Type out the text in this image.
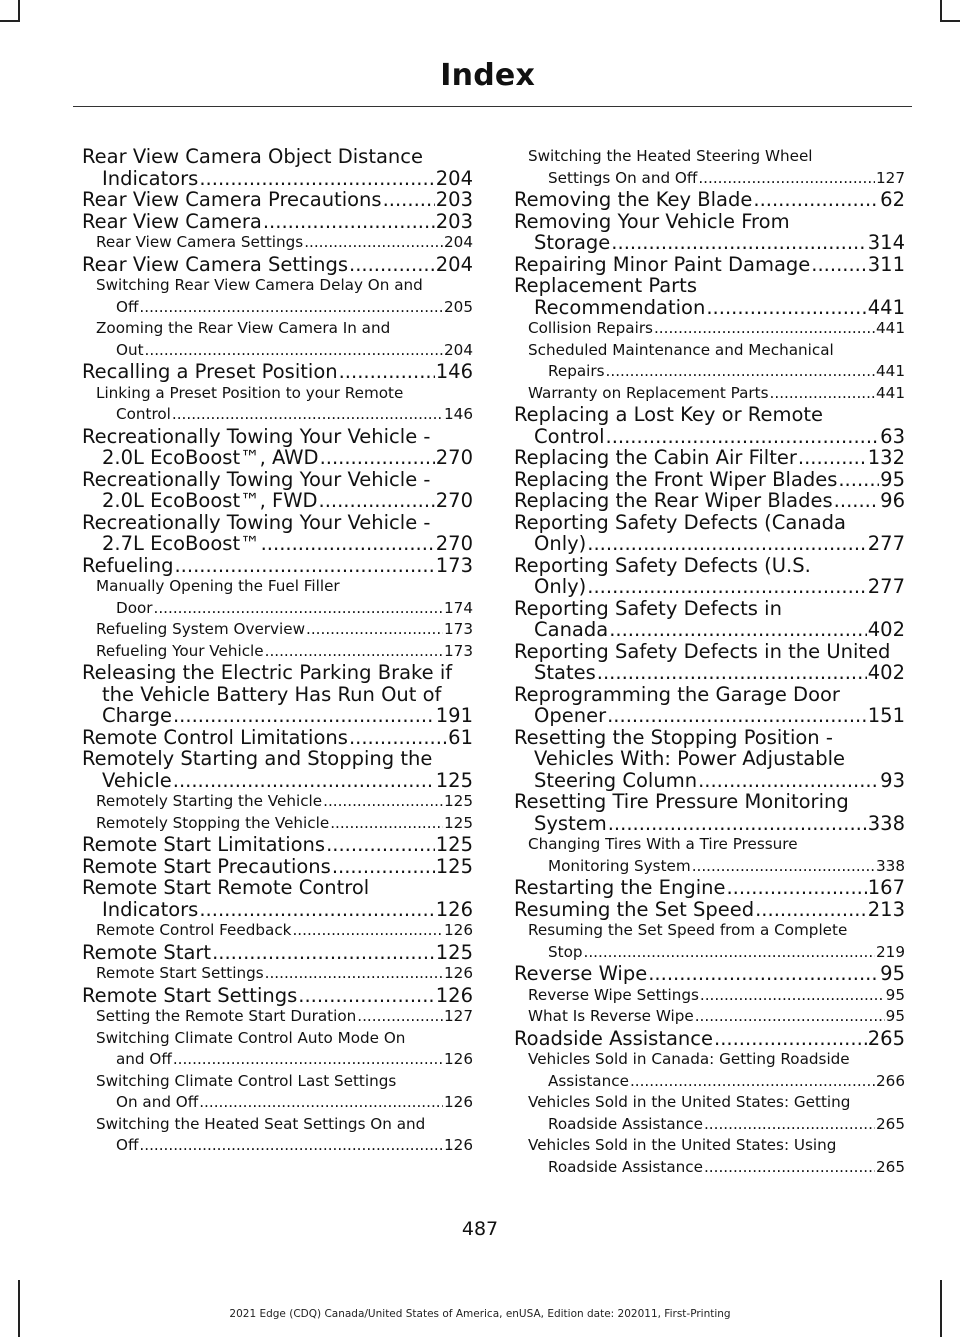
Index
Rear View Camera Object Distance
Indicators .....	204
Rear View Camera Precautions .....	203
Rear View Camera .....	203
Rear View Camera Settings .....	204
Rear View Camera Settings .....	204
Switching Rear View Camera Delay On and
Off .....	205
Zooming the Rear View Camera In and
Out .....	204
Recalling a Preset Position .....	146
Linking a Preset Position to your Remote
Control .....	146
Recreationally Towing Your Vehicle -
2.0L EcoBoost™, AWD .....	270
Recreationally Towing Your Vehicle -
2.0L EcoBoost™, FWD .....	270
Recreationally Towing Your Vehicle -
2.7L EcoBoost™ .....	270
Refueling .....	173
Manually Opening the Fuel Filler
Door .....	174
Refueling System Overview .....	173
Refueling Your Vehicle .....	173
Releasing the Electric Parking Brake if
the Vehicle Battery Has Run Out of
Charge .....	191
Remote Control Limitations .....	61
Remotely Starting and Stopping the
Vehicle .....	125
Remotely Starting the Vehicle .....	125
Remotely Stopping the Vehicle .....	125
Remote Start Limitations .....	125
Remote Start Precautions .....	125
Remote Start Remote Control
Indicators .....	126
Remote Control Feedback .....	126
Remote Start .....	125
Remote Start Settings .....	126
Remote Start Settings .....	126
Setting the Remote Start Duration .....	127
Switching Climate Control Auto Mode On
and Off .....	126
Switching Climate Control Last Settings
On and Off .....	126
Switching the Heated Seat Settings On and
Off .....	126
Switching the Heated Steering Wheel
Settings On and Off .....	127
Removing the Key Blade .....	62
Removing Your Vehicle From
Storage .....	314
Repairing Minor Paint Damage .....	311
Replacement Parts
Recommendation .....	441
Collision Repairs .....	441
Scheduled Maintenance and Mechanical
Repairs .....	441
Warranty on Replacement Parts .....	441
Replacing a Lost Key or Remote
Control .....	63
Replacing the Cabin Air Filter .....	132
Replacing the Front Wiper Blades ..... 95
Replacing the Rear Wiper Blades ..... 96
Reporting Safety Defects (Canada
Only) .....	277
Reporting Safety Defects (U.S.
Only) .....	277
Reporting Safety Defects in
Canada .....	402
Reporting Safety Defects in the United
States .....	402
Reprogramming the Garage Door
Opener .....	151
Resetting the Stopping Position -
Vehicles With: Power Adjustable
Steering Column .....	93
Resetting Tire Pressure Monitoring
System .....	338
Changing Tires With a Tire Pressure
Monitoring System .....	338
Restarting the Engine .....	167
Resuming the Set Speed .....	213
Resuming the Set Speed from a Complete
Stop .....	219
Reverse Wipe .....	95
Reverse Wipe Settings .....	95
What Is Reverse Wipe .....	95
Roadside Assistance .....	265
Vehicles Sold in Canada: Getting Roadside
Assistance .....	266
Vehicles Sold in the United States: Getting
Roadside Assistance .....	265
Vehicles Sold in the United States: Using
Roadside Assistance .....	265
487
2021 Edge (CDQ) Canada/United States of America, enUSA, Edition date: 202011, First-Printing
